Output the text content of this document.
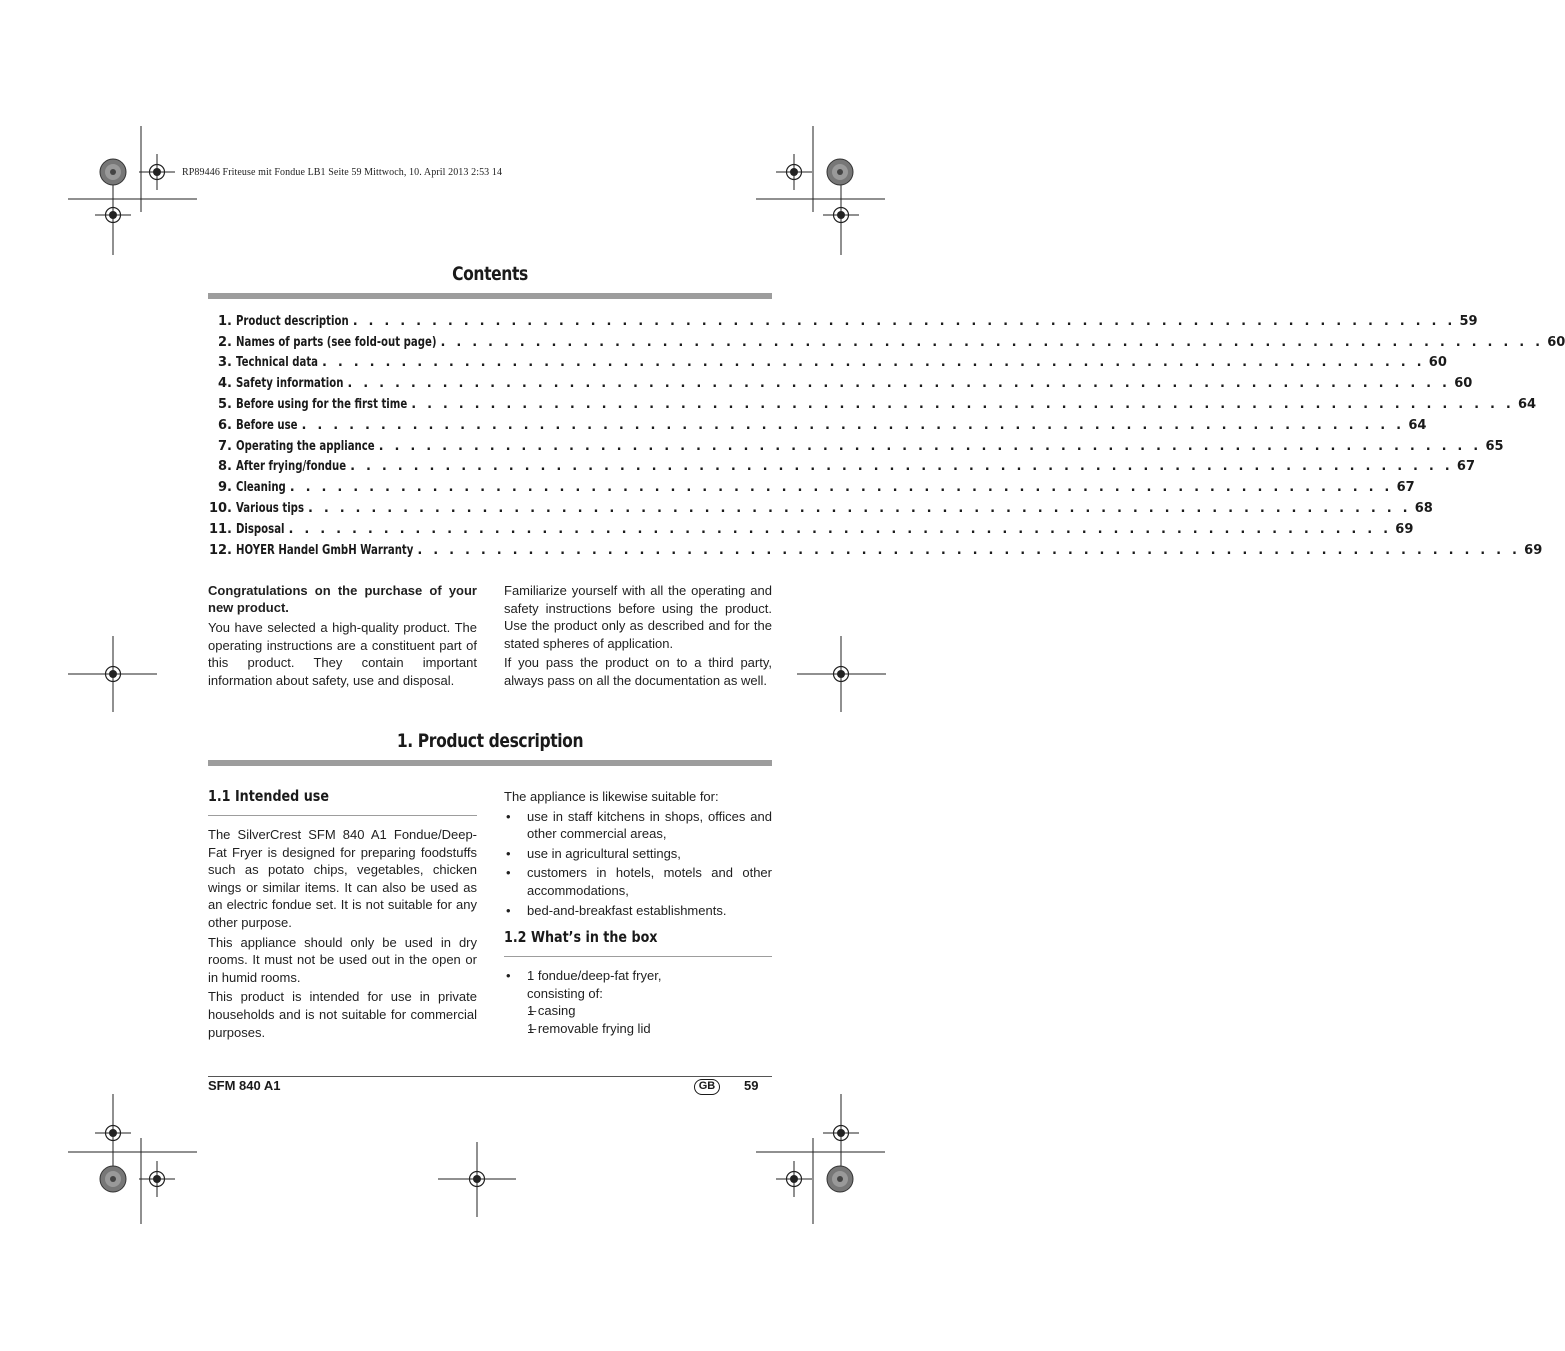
RP89446 Friteuse mit Fondue LB1 Seite 59 Mittwoch, 10. April 2013 2:53 14
Contents
1. Product description . . . . . . . . . . . . . . . . . . . . . . . . . . . . . . . . . . . . . . . . . . . . . . . . . . . . . . . . . . . . . . . . . . . . . . 59
2. Names of parts (see fold-out page) . . . . . . . . . . . . . . . . . . . . . . . . . . . . . . . . . . . . . . . . . . . . . . . . . . . . . . . . . . . . . . . . . . . . . . 60
3. Technical data . . . . . . . . . . . . . . . . . . . . . . . . . . . . . . . . . . . . . . . . . . . . . . . . . . . . . . . . . . . . . . . . . . . . . . 60
4. Safety information . . . . . . . . . . . . . . . . . . . . . . . . . . . . . . . . . . . . . . . . . . . . . . . . . . . . . . . . . . . . . . . . . . . . . . 60
5. Before using for the first time . . . . . . . . . . . . . . . . . . . . . . . . . . . . . . . . . . . . . . . . . . . . . . . . . . . . . . . . . . . . . . . . . . . . . . 64
6. Before use . . . . . . . . . . . . . . . . . . . . . . . . . . . . . . . . . . . . . . . . . . . . . . . . . . . . . . . . . . . . . . . . . . . . . . 64
7. Operating the appliance . . . . . . . . . . . . . . . . . . . . . . . . . . . . . . . . . . . . . . . . . . . . . . . . . . . . . . . . . . . . . . . . . . . . . . 65
8. After frying/fondue . . . . . . . . . . . . . . . . . . . . . . . . . . . . . . . . . . . . . . . . . . . . . . . . . . . . . . . . . . . . . . . . . . . . . . 67
9. Cleaning . . . . . . . . . . . . . . . . . . . . . . . . . . . . . . . . . . . . . . . . . . . . . . . . . . . . . . . . . . . . . . . . . . . . . . 67
10. Various tips . . . . . . . . . . . . . . . . . . . . . . . . . . . . . . . . . . . . . . . . . . . . . . . . . . . . . . . . . . . . . . . . . . . . . . 68
11. Disposal . . . . . . . . . . . . . . . . . . . . . . . . . . . . . . . . . . . . . . . . . . . . . . . . . . . . . . . . . . . . . . . . . . . . . . 69
12. HOYER Handel GmbH Warranty . . . . . . . . . . . . . . . . . . . . . . . . . . . . . . . . . . . . . . . . . . . . . . . . . . . . . . . . . . . . . . . . . . . . . . 69

Congratulations on the purchase of your new product.

You have selected a high-quality product. The operating instructions are a constituent part of this product. They contain important information about safety, use and disposal.

Familiarize yourself with all the operating and safety instructions before using the product. Use the product only as described and for the stated spheres of application.

If you pass the product on to a third party, always pass on all the documentation as well.

1. Product description
1.1 Intended use

The SilverCrest SFM 840 A1 Fondue/Deep-Fat Fryer is designed for preparing foodstuffs such as potato chips, vegetables, chicken wings or similar items. It can also be used as an electric fondue set. It is not suitable for any other purpose.

This appliance should only be used in dry rooms. It must not be used out in the open or in humid rooms.

This product is intended for use in private households and is not suitable for commercial purposes.

The appliance is likewise suitable for:

• use in staff kitchens in shops, offices and other commercial areas,
• use in agricultural settings,
• customers in hotels, motels and other accommodations,
• bed-and-breakfast establishments.
1.2 What’s in the box
• 1 fondue/deep-fat fryer,
consisting of:
– 1 casing
– 1 removable frying lid
SFM 840 A1	GB	59
